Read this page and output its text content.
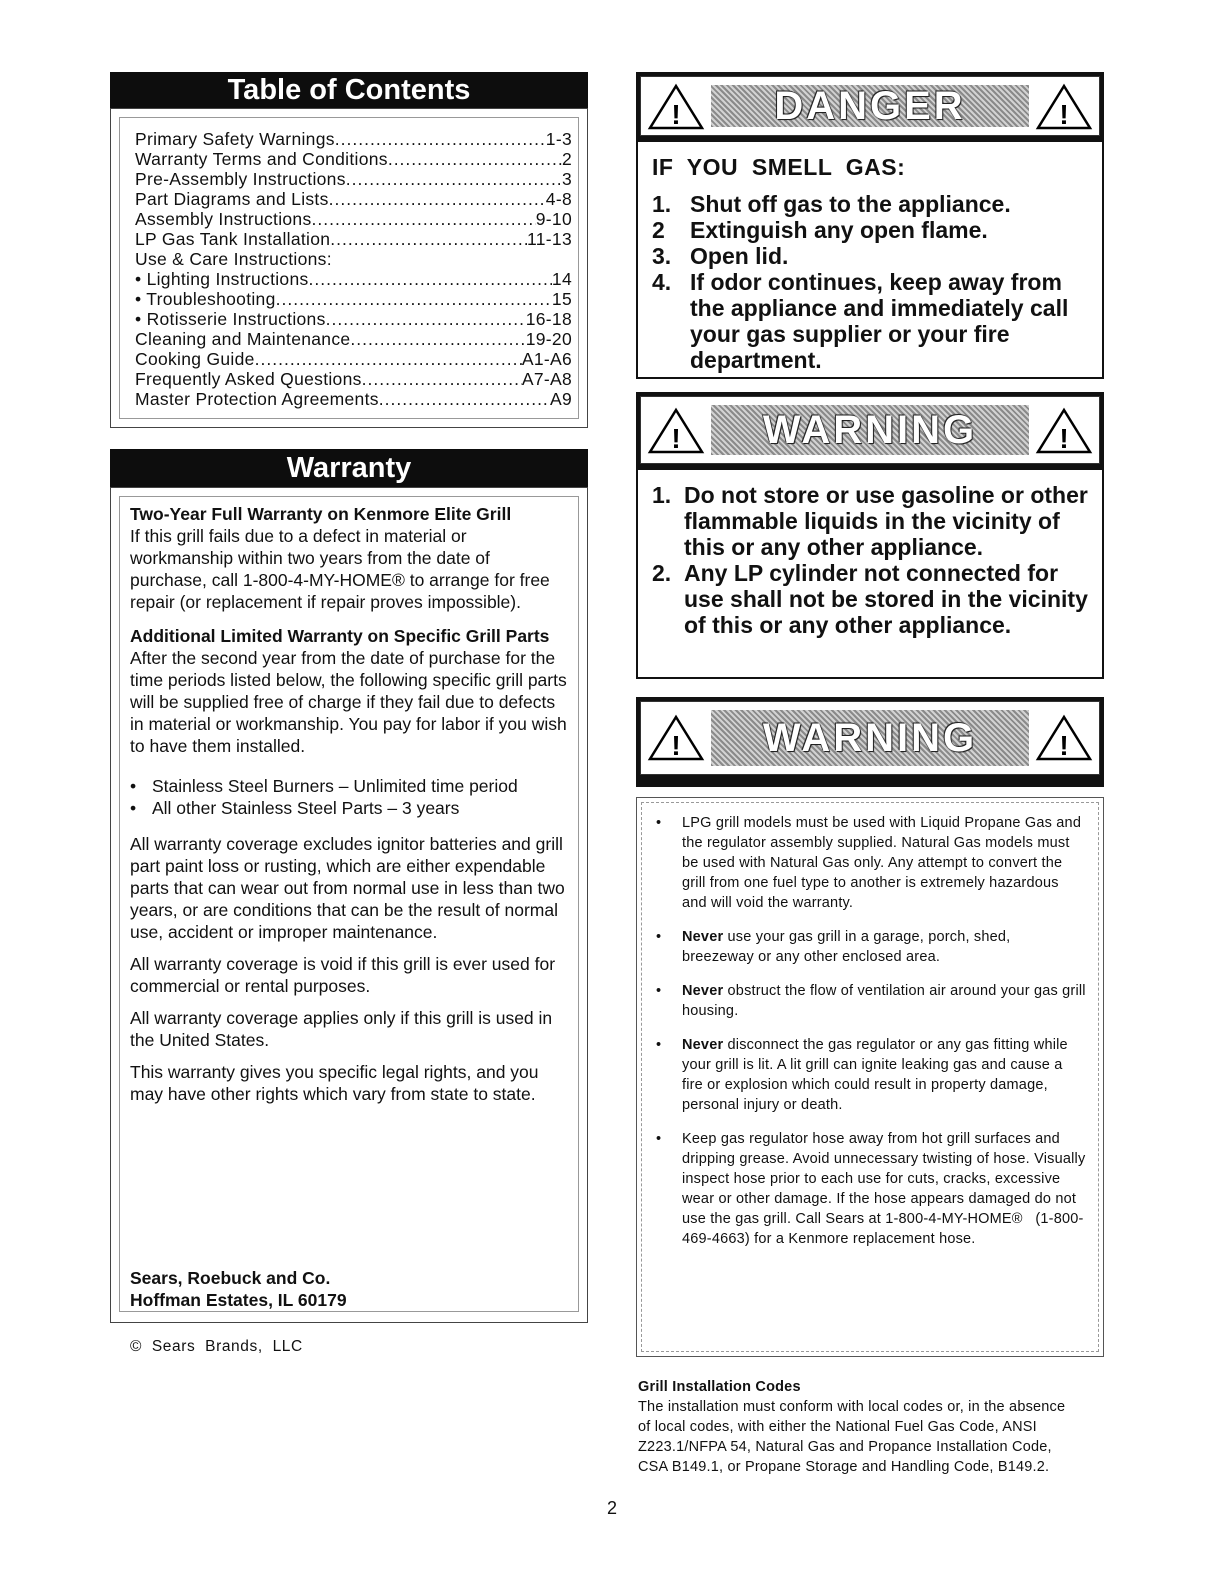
Table of Contents
Primary Safety Warnings .....	1-3
Warranty Terms and Conditions .....	2
Pre-Assembly Instructions .....	3
Part Diagrams and Lists .....	4-8
Assembly Instructions .....	9-10
LP Gas Tank Installation .....	11-13
Use & Care Instructions:
• Lighting Instructions .....	14
• Troubleshooting .....	15
• Rotisserie Instructions .....	16-18
Cleaning and Maintenance .....	19-20
Cooking Guide .....	A1-A6
Frequently Asked Questions .....	A7-A8
Master Protection Agreements .....	A9
Warranty

Two-Year Full Warranty on Kenmore Elite Grill

If this grill fails due to a defect in material or workmanship within two years from the date of purchase, call 1-800-4-MY-HOME® to arrange for free repair (or replacement if repair proves impossible).

Additional Limited Warranty on Specific Grill Parts

After the second year from the date of purchase for the time periods listed below, the following specific grill parts will be supplied free of charge if they fail due to defects in material or workmanship. You pay for labor if you wish to have them installed.

• Stainless Steel Burners – Unlimited time period
• All other Stainless Steel Parts – 3 years

All warranty coverage excludes ignitor batteries and grill part paint loss or rusting, which are either expendable parts that can wear out from normal use in less than two years, or are conditions that can be the result of normal use, accident or improper maintenance.

All warranty coverage is void if this grill is ever used for commercial or rental purposes.

All warranty coverage applies only if this grill is used in the United States.

This warranty gives you specific legal rights, and you may have other rights which vary from state to state.

Sears, Roebuck and Co.
Hoffman Estates, IL 60179
©  Sears  Brands,  LLC
!	!
DANGER
IF  YOU  SMELL  GAS:
1. Shut off gas to the appliance.
2	Extinguish any open flame.
3. Open lid.
4. If odor continues, keep away from the appliance and immediately call your gas supplier or your fire department.
!	!
WARNING
1. Do not store or use gasoline or other flammable liquids in the vicinity of this or any other appliance.
2. Any LP cylinder not connected for use shall not be stored in the vicinity of this or any other appliance.
!	!
WARNING
•	LPG grill models must be used with Liquid Propane Gas and the regulator assembly supplied. Natural Gas models must be used with Natural Gas only. Any attempt to convert the grill from one fuel type to another is extremely hazardous and will void the warranty.
•	Never use your gas grill in a garage, porch, shed, breezeway or any other enclosed area.
•	Never obstruct the flow of ventilation air around your gas grill housing.
•	Never disconnect the gas regulator or any gas fitting while your grill is lit. A lit grill can ignite leaking gas and cause a fire or explosion which could result in property damage, personal injury or death.
•	Keep gas regulator hose away from hot grill surfaces and dripping grease. Avoid unnecessary twisting of hose. Visually inspect hose prior to each use for cuts, cracks, excessive wear or other damage. If the hose appears damaged do not use the gas grill. Call Sears at 1-800-4-MY-HOME®   (1-800-469-4663) for a Kenmore replacement hose.
Grill Installation Codes
The installation must conform with local codes or, in the absence of local codes, with either the National Fuel Gas Code, ANSI Z223.1/NFPA 54, Natural Gas and Propance Installation Code, CSA B149.1, or Propane Storage and Handling Code, B149.2.
2
